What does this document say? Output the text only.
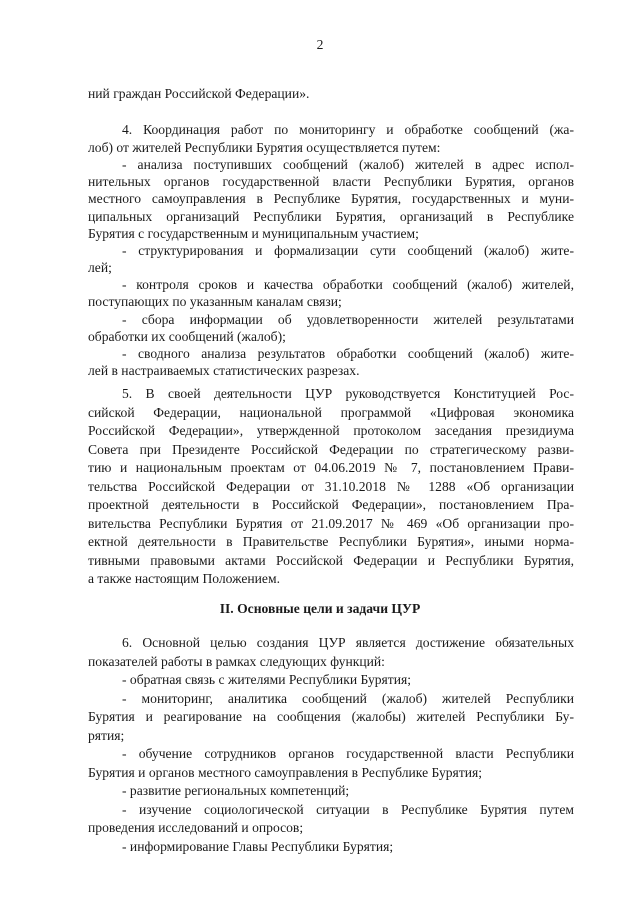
2
II. Основные цели и задачи ЦУР
ний граждан Российской Федерации».
4. Координация работ по мониторингу и обработке сообщений (жа-
лоб) от жителей Республики Бурятия осуществляется путем:
- анализа поступивших сообщений (жалоб) жителей в адрес испол-
нительных органов государственной власти Республики Бурятия, органов
местного самоуправления в Республике Бурятия, государственных и муни-
ципальных организаций Республики Бурятия, организаций в Республике
Бурятия с государственным и муниципальным участием;
- структурирования и формализации сути сообщений (жалоб) жите-
лей;
- контроля сроков и качества обработки сообщений (жалоб) жителей,
поступающих по указанным каналам связи;
- сбора информации об удовлетворенности жителей результатами
обработки их сообщений (жалоб);
- сводного анализа результатов обработки сообщений (жалоб) жите-
лей в настраиваемых статистических разрезах.
5. В своей деятельности ЦУР руководствуется Конституцией Рос-
сийской Федерации, национальной программой «Цифровая экономика
Российской Федерации», утвержденной протоколом заседания президиума
Совета при Президенте Российской Федерации по стратегическому разви-
тию и национальным проектам от 04.06.2019 № 7, постановлением Прави-
тельства Российской Федерации от 31.10.2018 № 1288 «Об организации
проектной деятельности в Российской Федерации», постановлением Пра-
вительства Республики Бурятия от 21.09.2017 № 469 «Об организации про-
ектной деятельности в Правительстве Республики Бурятия», иными норма-
тивными правовыми актами Российской Федерации и Республики Бурятия,
а также настоящим Положением.
6. Основной целью создания ЦУР является достижение обязательных
показателей работы в рамках следующих функций:
- обратная связь с жителями Республики Бурятия;
- мониторинг, аналитика сообщений (жалоб) жителей Республики
Бурятия и реагирование на сообщения (жалобы) жителей Республики Бу-
рятия;
- обучение сотрудников органов государственной власти Республики
Бурятия и органов местного самоуправления в Республике Бурятия;
- развитие региональных компетенций;
- изучение социологической ситуации в Республике Бурятия путем
проведения исследований и опросов;
- информирование Главы Республики Бурятия;
